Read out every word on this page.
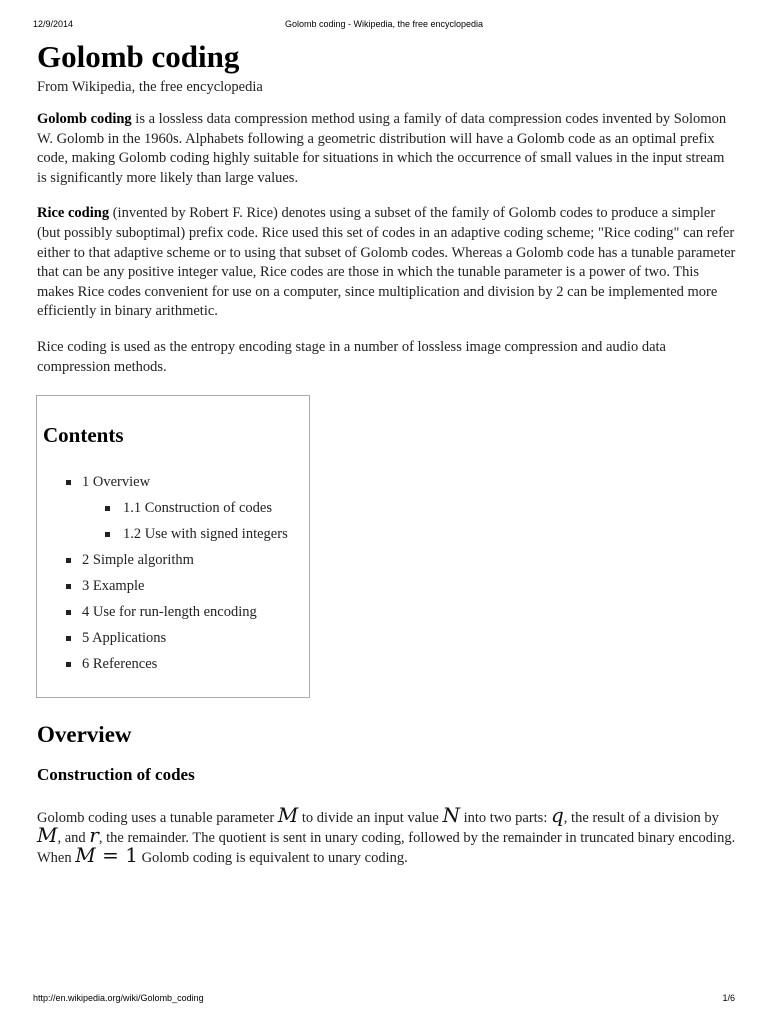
12/9/2014	Golomb coding - Wikipedia, the free encyclopedia
Golomb coding
From Wikipedia, the free encyclopedia

Golomb coding is a lossless data compression method using a family of data compression codes invented by Solomon W. Golomb in the 1960s. Alphabets following a geometric distribution will have a Golomb code as an optimal prefix code, making Golomb coding highly suitable for situations in which the occurrence of small values in the input stream is significantly more likely than large values.

Rice coding (invented by Robert F. Rice) denotes using a subset of the family of Golomb codes to produce a simpler (but possibly suboptimal) prefix code. Rice used this set of codes in an adaptive coding scheme; "Rice coding" can refer either to that adaptive scheme or to using that subset of Golomb codes. Whereas a Golomb code has a tunable parameter that can be any positive integer value, Rice codes are those in which the tunable parameter is a power of two. This makes Rice codes convenient for use on a computer, since multiplication and division by 2 can be implemented more efficiently in binary arithmetic.

Rice coding is used as the entropy encoding stage in a number of lossless image compression and audio data compression methods.

Contents
1 Overview
1.1 Construction of codes
1.2 Use with signed integers
2 Simple algorithm
3 Example
4 Use for run-length encoding
5 Applications
6 References
Overview
Construction of codes

Golomb coding uses a tunable parameter M to divide an input value N into two parts: q, the result of a division by M, and r, the remainder. The quotient is sent in unary coding, followed by the remainder in truncated binary encoding. When M = 1 Golomb coding is equivalent to unary coding.

http://en.wikipedia.org/wiki/Golomb_coding	1/6
